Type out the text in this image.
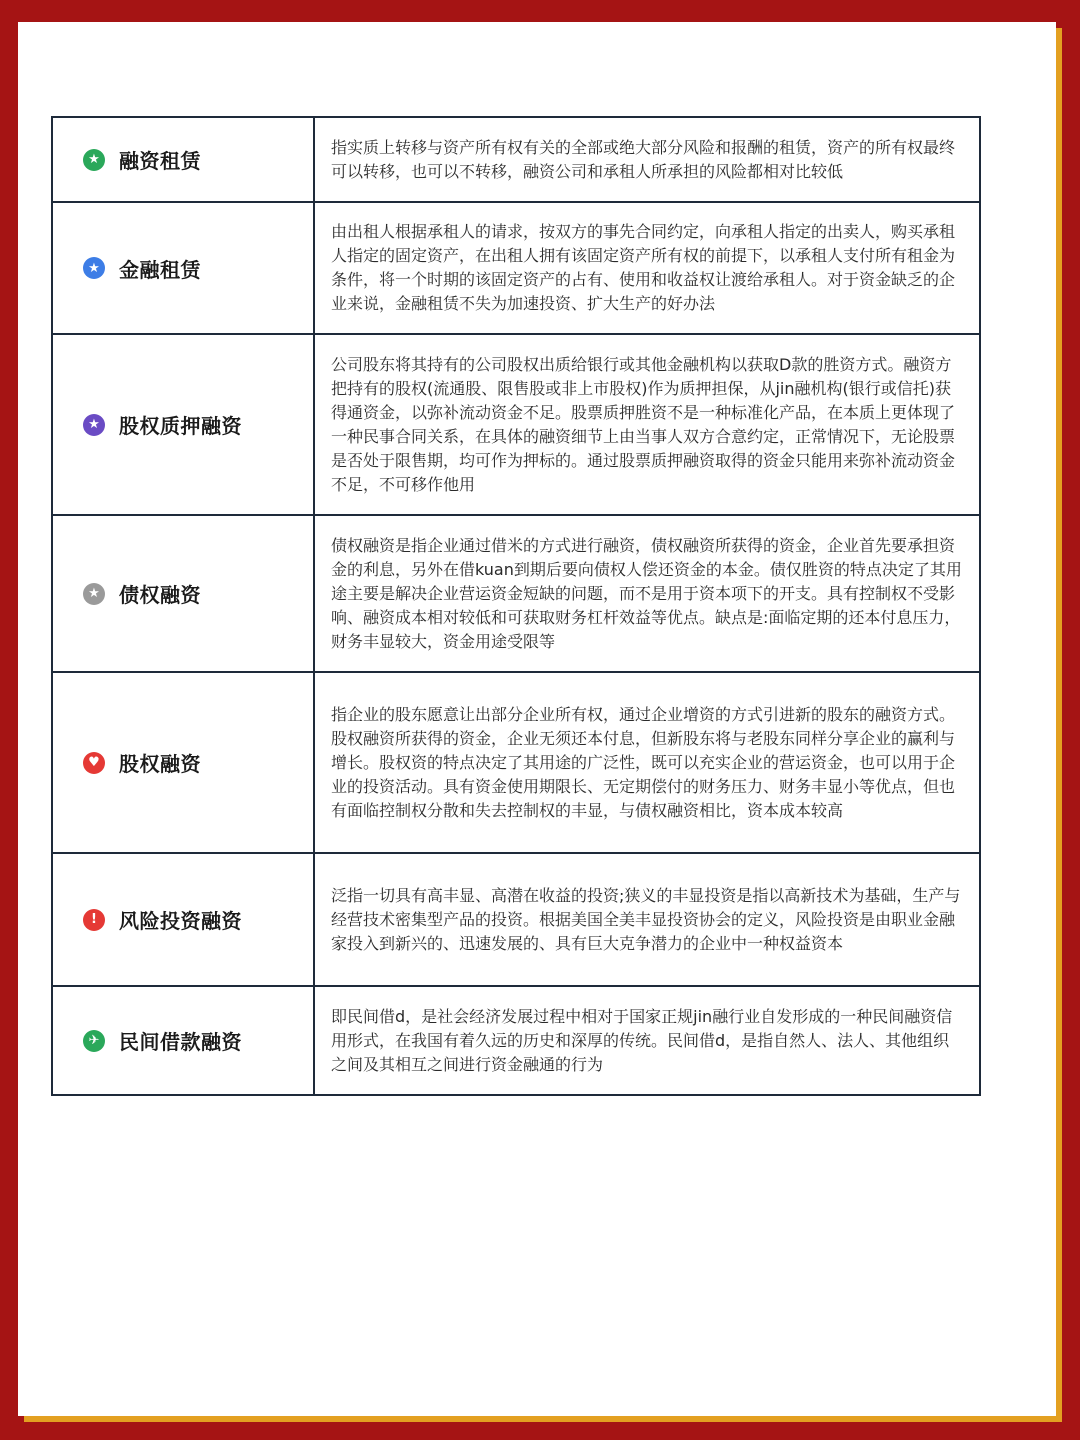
★ 融资租赁

指实质上转移与资产所有权有关的全部或绝大部分风险和报酬的租赁，资产的所有权最终可以转移，也可以不转移，融资公司和承租人所承担的风险都相对比较低

★ 金融租赁

由出租人根据承租人的请求，按双方的事先合同约定，向承租人指定的出卖人，购买承租人指定的固定资产，在出租人拥有该固定资产所有权的前提下，以承租人支付所有租金为条件，将一个时期的该固定资产的占有、使用和收益权让渡给承租人。对于资金缺乏的企业来说，金融租赁不失为加速投资、扩大生产的好办法

★ 股权质押融资

公司股东将其持有的公司股权出质给银行或其他金融机构以获取D款的胜资方式。融资方把持有的股权(流通股、限售股或非上市股权)作为质押担保，从jin融机构(银行或信托)获得通资金，以弥补流动资金不足。股票质押胜资不是一种标准化产品，在本质上更体现了一种民事合同关系，在具体的融资细节上由当事人双方合意约定，正常情况下，无论股票是否处于限售期，均可作为押标的。通过股票质押融资取得的资金只能用来弥补流动资金不足，不可移作他用

★ 债权融资

债权融资是指企业通过借米的方式进行融资，债权融资所获得的资金，企业首先要承担资金的利息，另外在借kuan到期后要向债权人偿还资金的本金。债仅胜资的特点决定了其用途主要是解决企业营运资金短缺的问题，而不是用于资本项下的开支。具有控制权不受影响、融资成本相对较低和可获取财务杠杆效益等优点。缺点是:面临定期的还本付息压力，财务丰显较大，资金用途受限等

♥ 股权融资

指企业的股东愿意让出部分企业所有权，通过企业增资的方式引进新的股东的融资方式。股权融资所获得的资金，企业无须还本付息，但新股东将与老股东同样分享企业的赢利与增长。股权资的特点决定了其用途的广泛性，既可以充实企业的营运资金，也可以用于企业的投资活动。具有资金使用期限长、无定期偿付的财务压力、财务丰显小等优点，但也有面临控制权分散和失去控制权的丰显，与债权融资相比，资本成本较高

!	风险投资融资

泛指一切具有高丰显、高潜在收益的投资;狭义的丰显投资是指以高新技术为基础，生产与经营技术密集型产品的投资。根据美国全美丰显投资协会的定义，风险投资是由职业金融家投入到新兴的、迅速发展的、具有巨大克争潜力的企业中一种权益资本

✈ 民间借款融资

即民间借d，是社会经济发展过程中相对于国家正规jin融行业自发形成的一种民间融资信用形式，在我国有着久远的历史和深厚的传统。民间借d，是指自然人、法人、其他组织之间及其相互之间进行资金融通的行为
